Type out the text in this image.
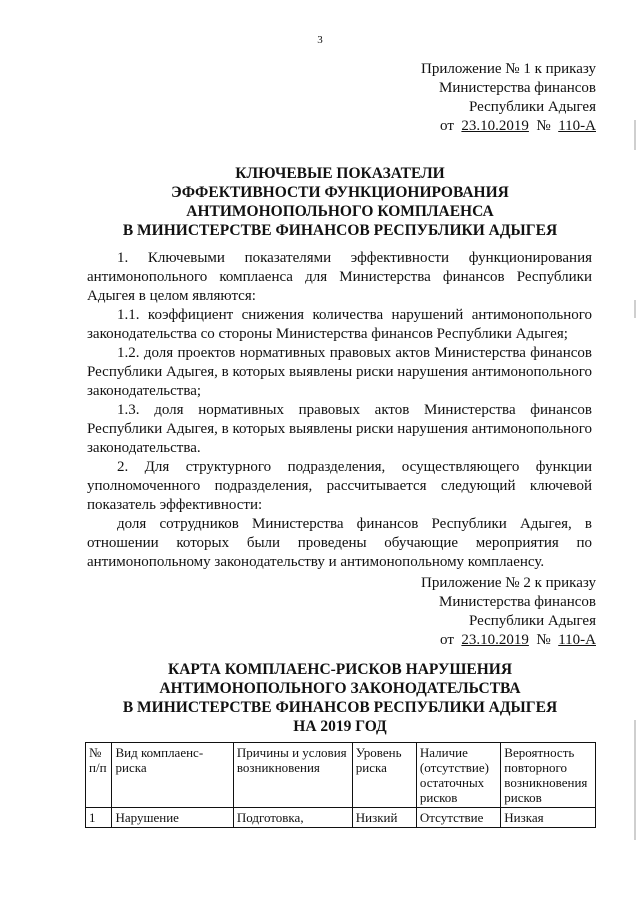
3
Приложение № 1 к приказу
Министерства финансов
Республики Адыгея
от 23.10.2019 № 110-А
КЛЮЧЕВЫЕ ПОКАЗАТЕЛИ
ЭФФЕКТИВНОСТИ ФУНКЦИОНИРОВАНИЯ
АНТИМОНОПОЛЬНОГО КОМПЛАЕНСА
В МИНИСТЕРСТВЕ ФИНАНСОВ РЕСПУБЛИКИ АДЫГЕЯ

1. Ключевыми показателями эффективности функционирования антимонопольного комплаенса для Министерства финансов Республики Адыгея в целом являются:

1.1. коэффициент снижения количества нарушений антимонопольного законодательства со стороны Министерства финансов Республики Адыгея;

1.2. доля проектов нормативных правовых актов Министерства финансов Республики Адыгея, в которых выявлены риски нарушения антимонопольного законодательства;

1.3. доля нормативных правовых актов Министерства финансов Республики Адыгея, в которых выявлены риски нарушения антимонопольного законодательства.

2. Для структурного подразделения, осуществляющего функции уполномоченного подразделения, рассчитывается следующий ключевой показатель эффективности:

доля сотрудников Министерства финансов Республики Адыгея, в отношении которых были проведены обучающие мероприятия по антимонопольному законодательству и антимонопольному комплаенсу.

Приложение № 2 к приказу
Министерства финансов
Республики Адыгея
от 23.10.2019 № 110-А
КАРТА КОМПЛАЕНС-РИСКОВ НАРУШЕНИЯ
АНТИМОНОПОЛЬНОГО ЗАКОНОДАТЕЛЬСТВА
В МИНИСТЕРСТВЕ ФИНАНСОВ РЕСПУБЛИКИ АДЫГЕЯ
НА 2019 ГОД
№ п/п	Вид комплаенс-риска	Причины и условия возникновения	Уровень риска	Наличие (отсутствие) остаточных рисков	Вероятность повторного возникновения рисков
1	Нарушение	Подготовка,	Низкий	Отсутствие	Низкая
